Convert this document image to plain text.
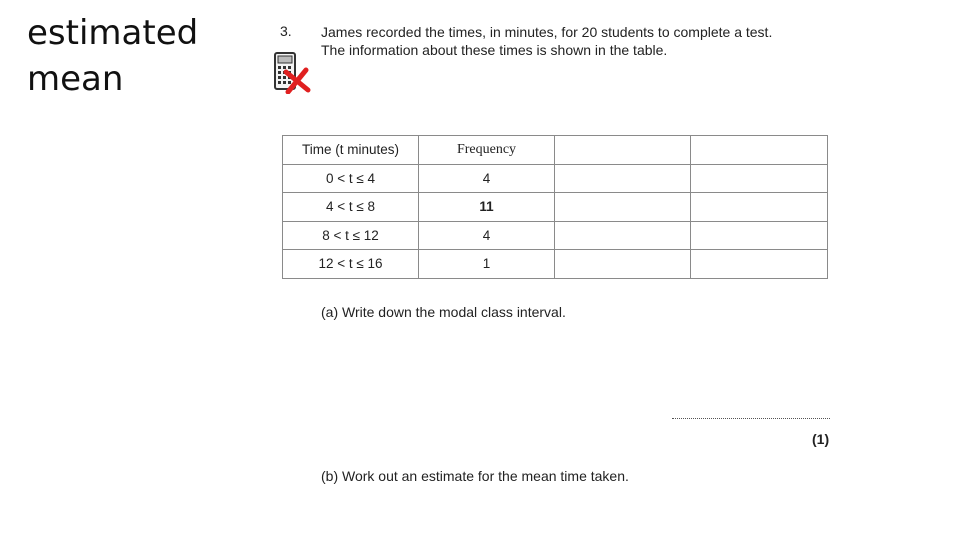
estimated
mean
3. James recorded the times, in minutes, for 20 students to complete a test.
The information about these times is shown in the table.
Time (t minutes)	Frequency		
0 < t ≤ 4	4		
4 < t ≤ 8	11		
8 < t ≤ 12	4		
12 < t ≤ 16	1		
(a) Write down the modal class interval.
(1)
(b) Work out an estimate for the mean time taken.
